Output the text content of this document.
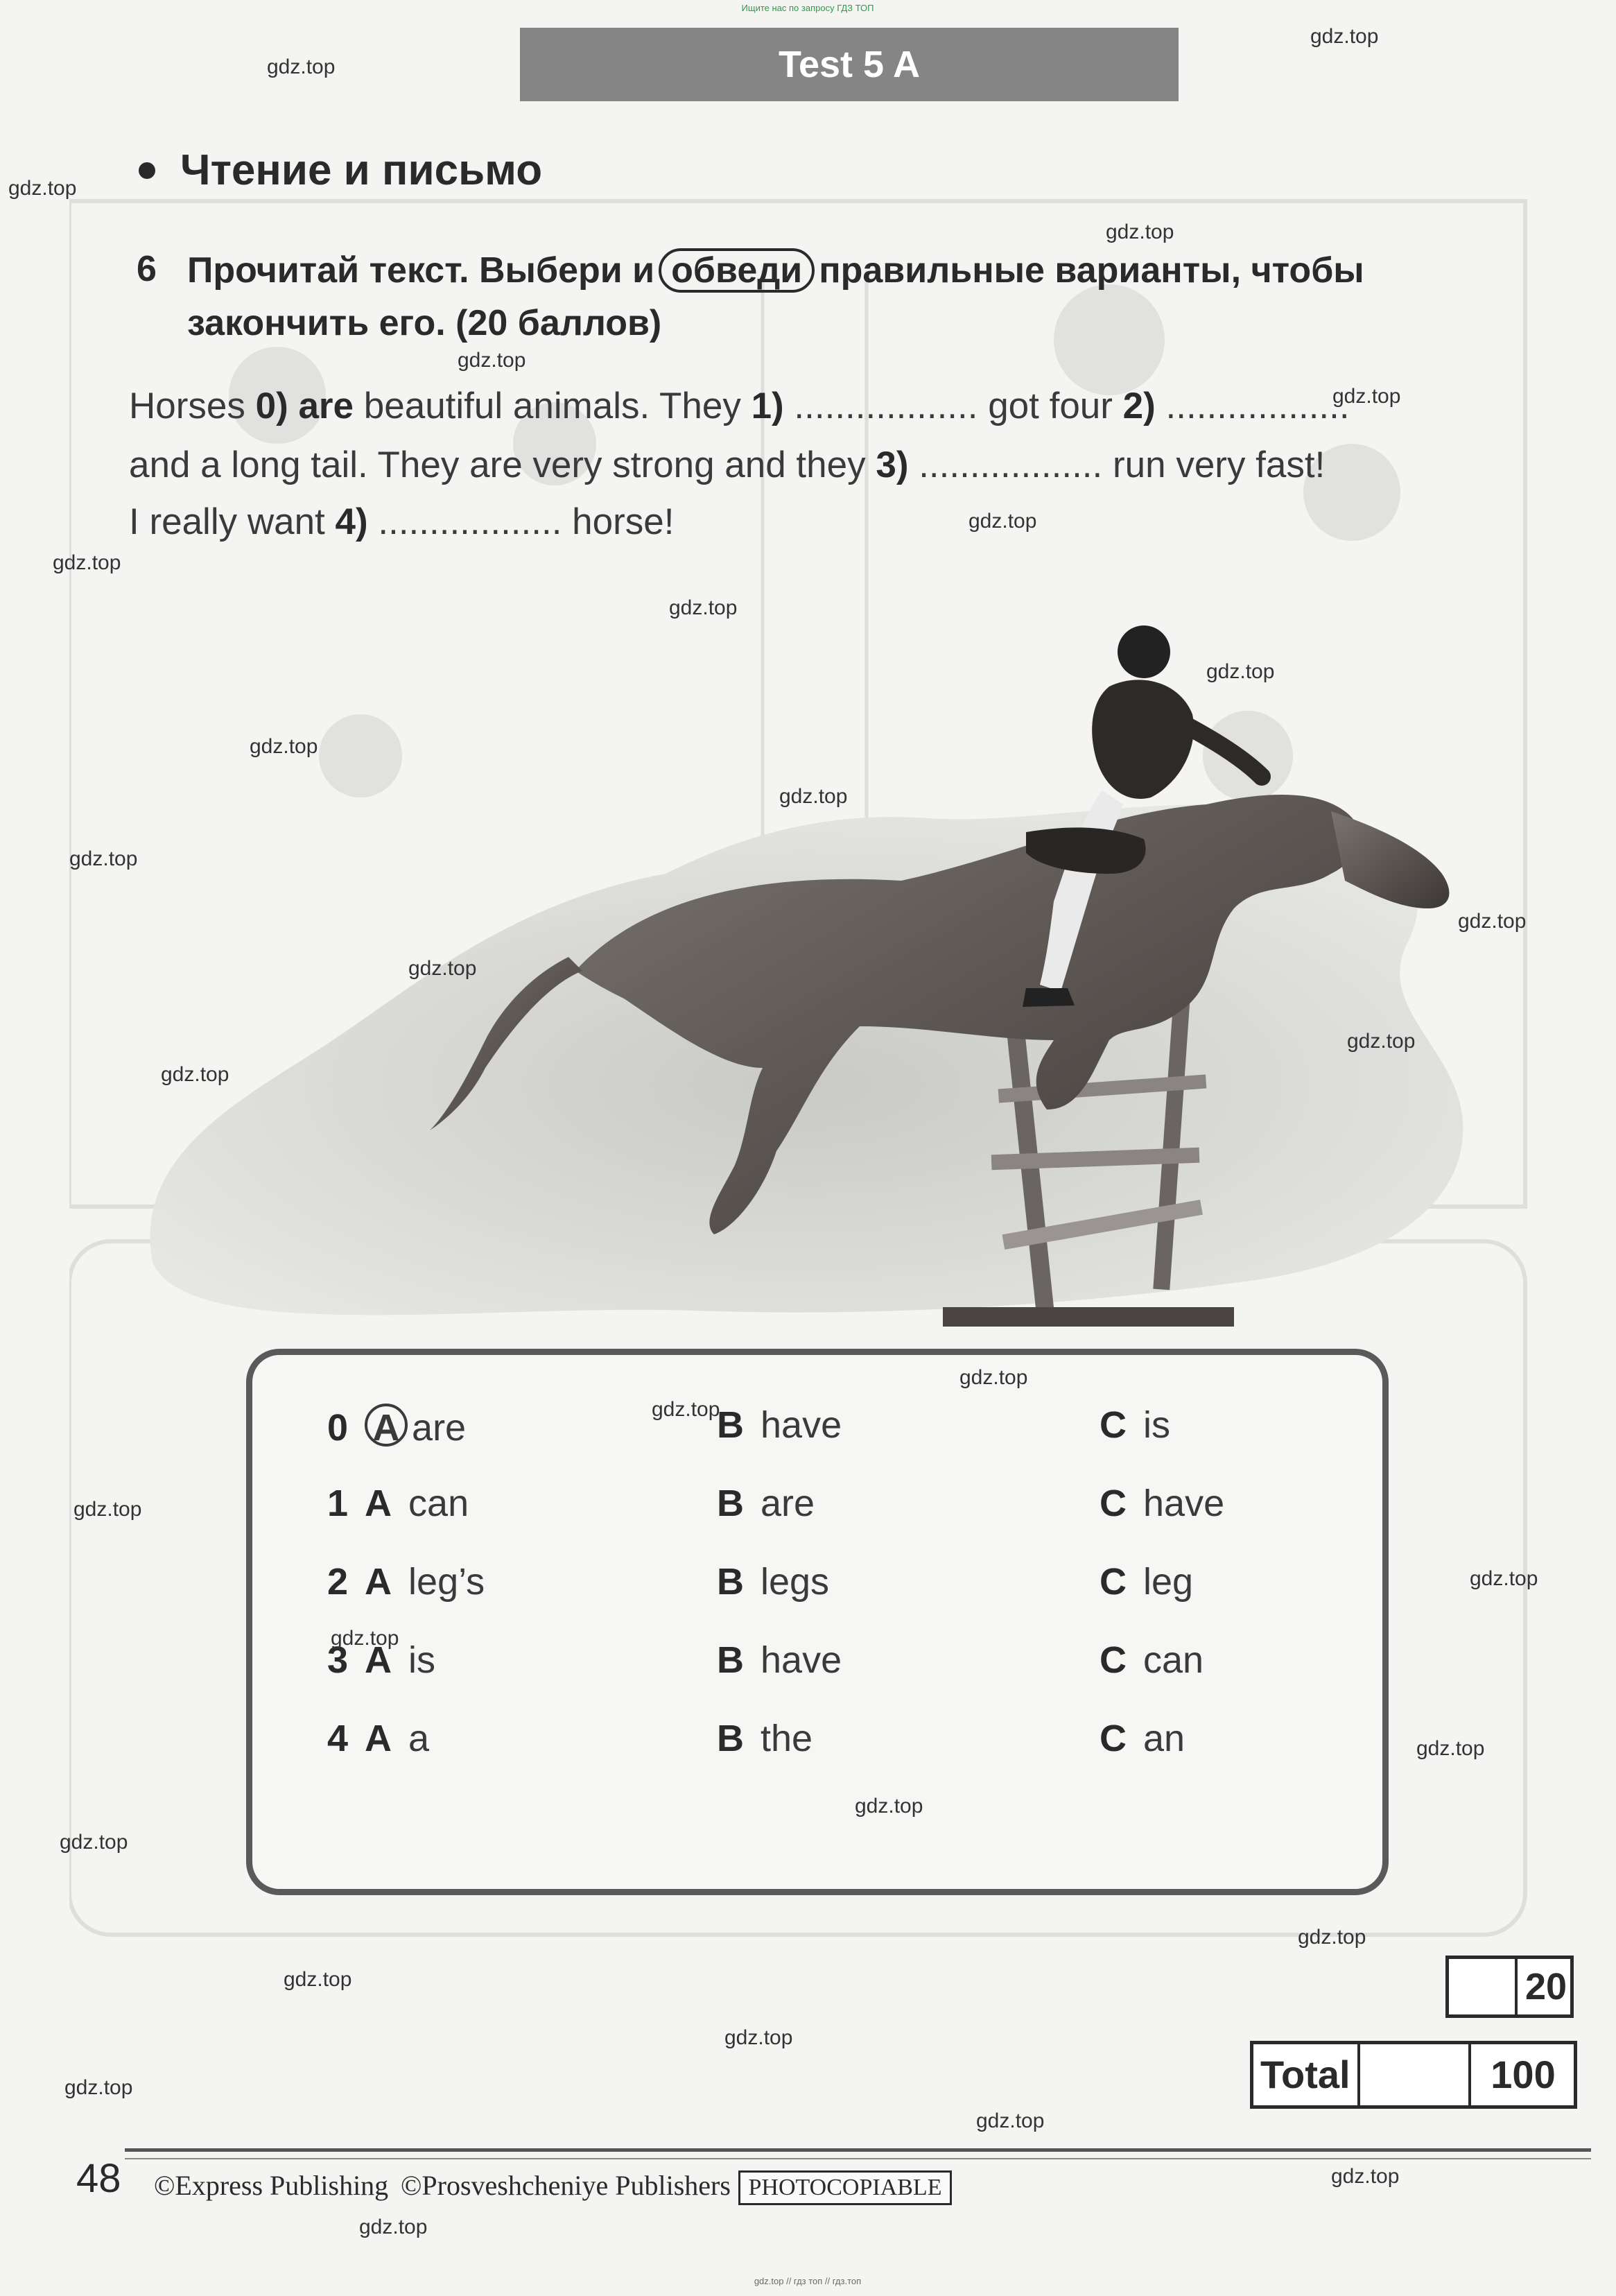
Ищите нас по запросу ГДЗ ТОП
Test 5 A
Чтение и письмо
6 Прочитай текст. Выбери и обведи правильные варианты, чтобы
закончить его. (20 баллов)
Horses 0) are beautiful animals. They 1) .................. got four 2) ..................
and a long tail. They are very strong and they 3) .................. run very fast!
I really want 4) .................. horse!
0 A are	B have	C is
1 A can	B are	C have
2 A leg’s	B legs	C leg
3 A is	B have	C can
4 A a	B the	C an
20
Total	100
48 ©Express Publishing ©Prosveshcheniye Publishers PHOTOCOPIABLE
gdz.top // гдз топ // гдз.топ
gdz.top
gdz.top
gdz.top
gdz.top
gdz.top
gdz.top
gdz.top
gdz.top
gdz.top
gdz.top
gdz.top
gdz.top
gdz.top
gdz.top
gdz.top
gdz.top
gdz.top
gdz.top
gdz.top
gdz.top
gdz.top
gdz.top
gdz.top
gdz.top
gdz.top
gdz.top
gdz.top
gdz.top
gdz.top
gdz.top
gdz.top
gdz.top
